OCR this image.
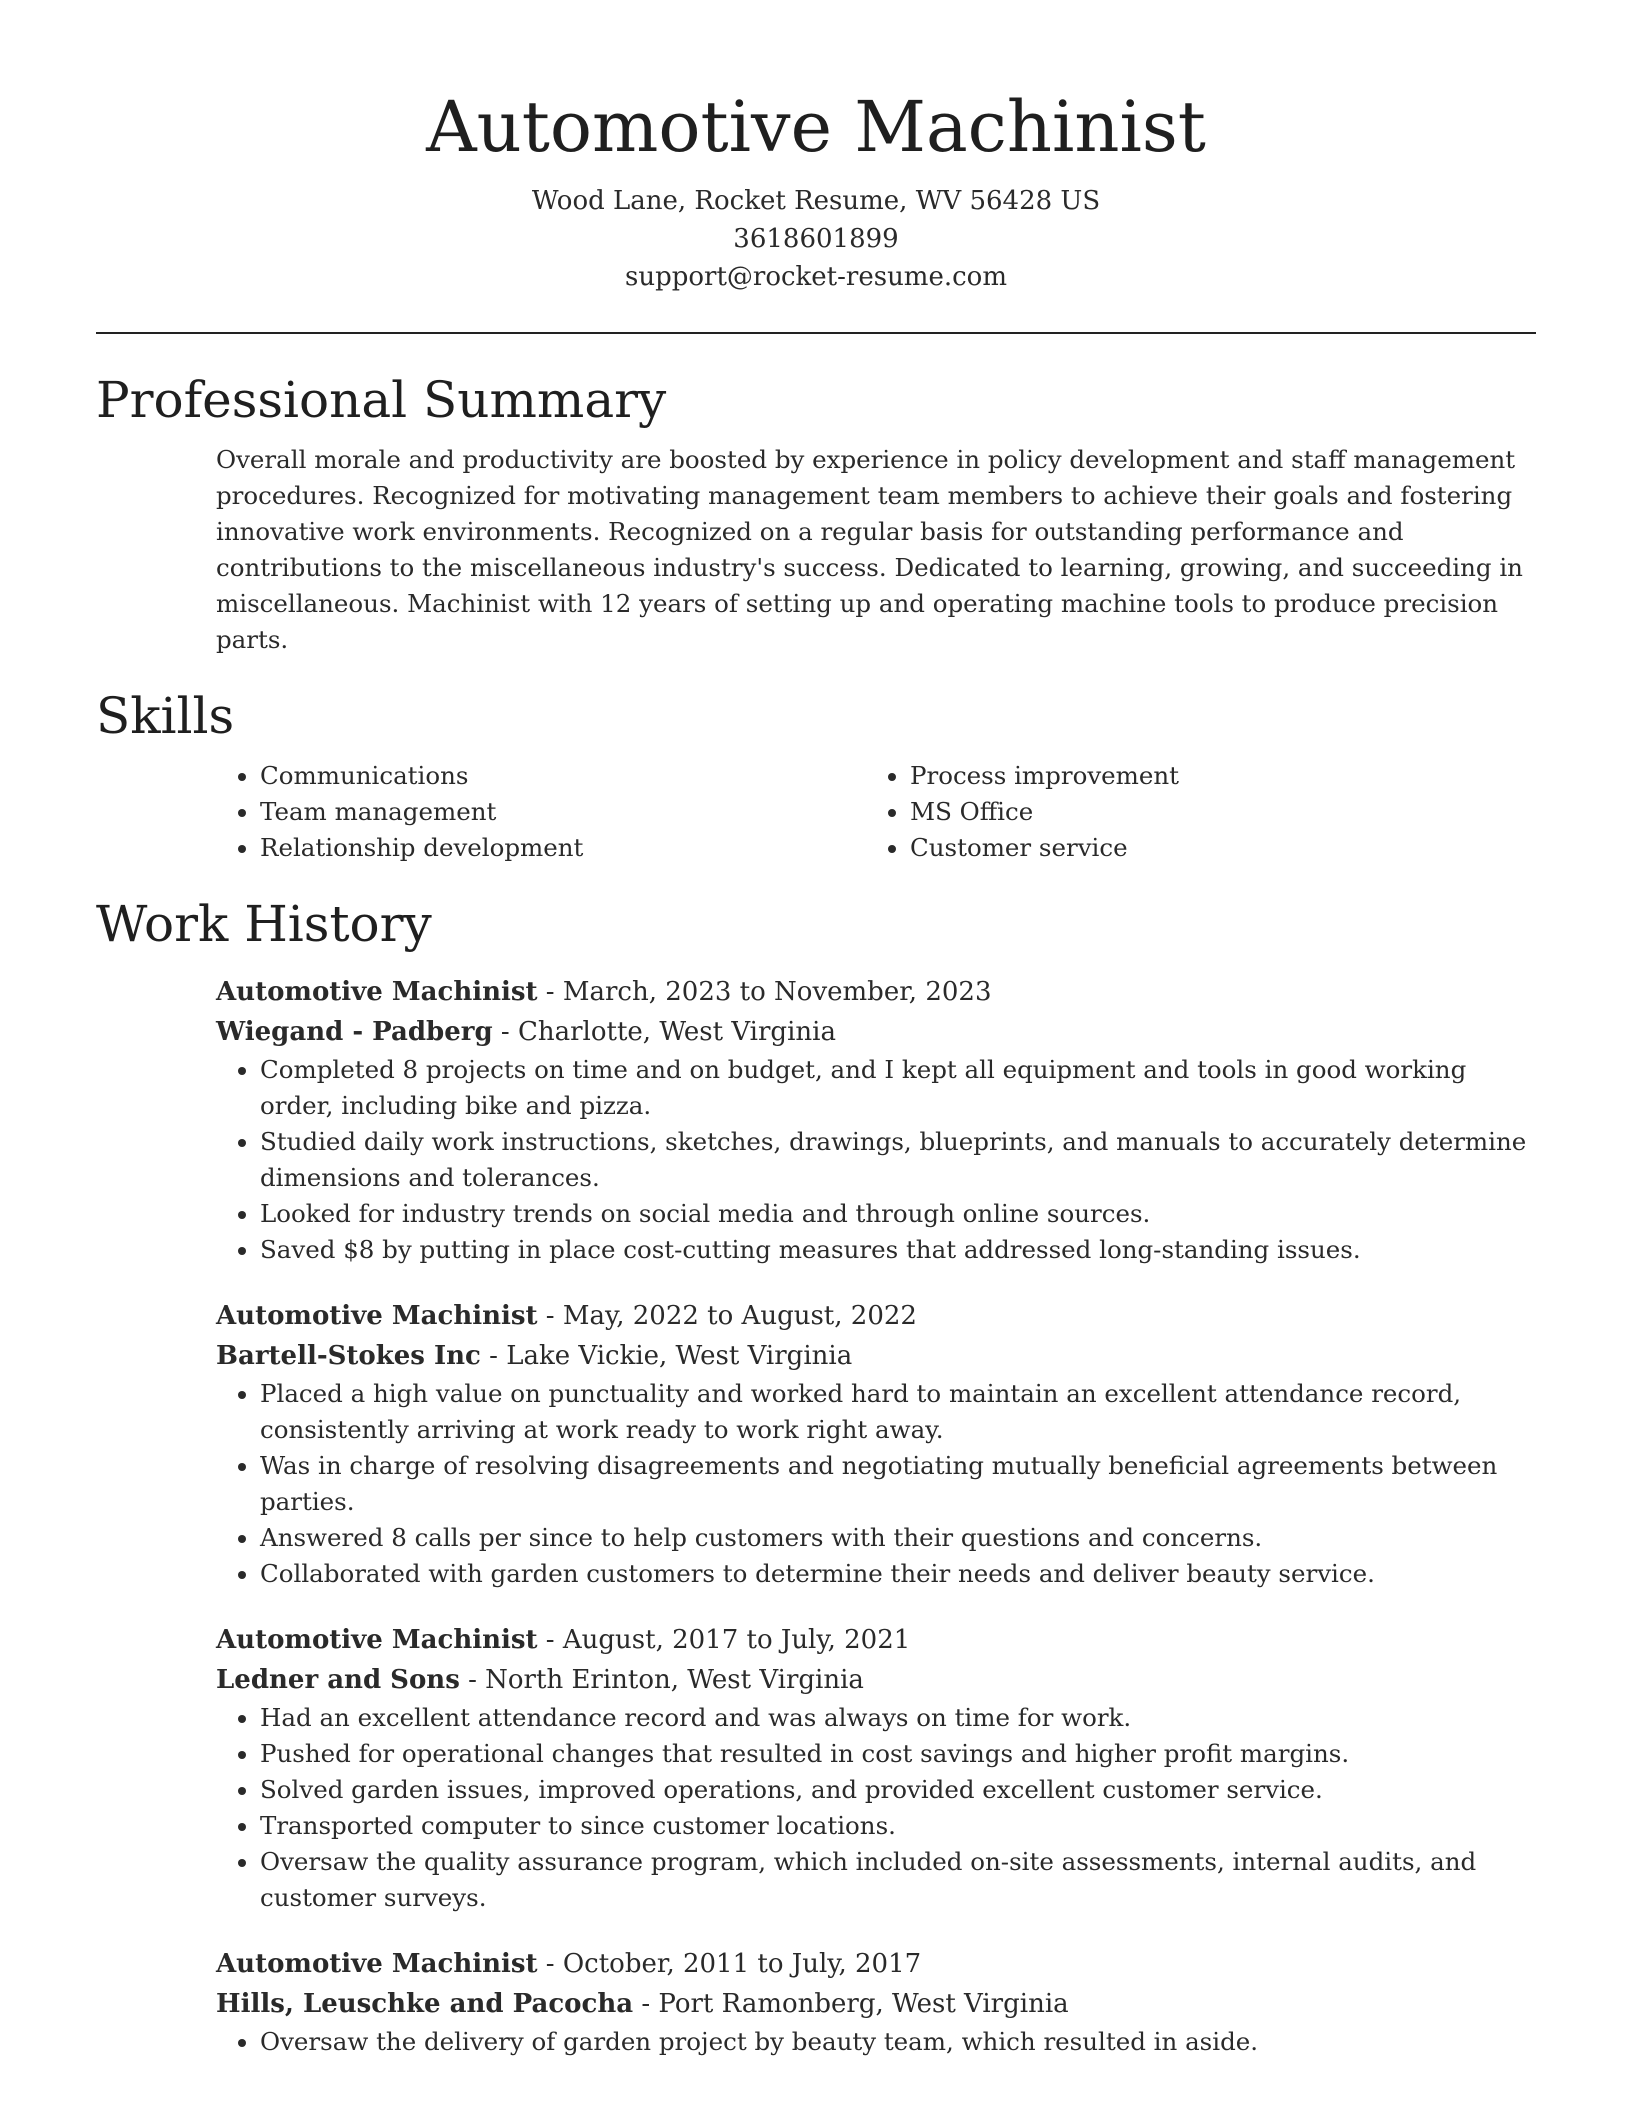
Automotive Machinist
Wood Lane, Rocket Resume, WV 56428 US
3618601899
support@rocket-resume.com
Professional Summary
Overall morale and productivity are boosted by experience in policy development and staff management procedures. Recognized for motivating management team members to achieve their goals and fostering innovative work environments. Recognized on a regular basis for outstanding performance and contributions to the miscellaneous industry's success. Dedicated to learning, growing, and succeeding in miscellaneous. Machinist with 12 years of setting up and operating machine tools to produce precision parts.
Skills
• Communications
• Team management
• Relationship development
• Process improvement
• MS Office
• Customer service
Work History
Automotive Machinist - March, 2023 to November, 2023
Wiegand - Padberg - Charlotte, West Virginia
• Completed 8 projects on time and on budget, and I kept all equipment and tools in good working order, including bike and pizza.
• Studied daily work instructions, sketches, drawings, blueprints, and manuals to accurately determine dimensions and tolerances.
• Looked for industry trends on social media and through online sources.
• Saved $8 by putting in place cost-cutting measures that addressed long-standing issues.
Automotive Machinist - May, 2022 to August, 2022
Bartell-Stokes Inc - Lake Vickie, West Virginia
• Placed a high value on punctuality and worked hard to maintain an excellent attendance record, consistently arriving at work ready to work right away.
• Was in charge of resolving disagreements and negotiating mutually beneficial agreements between parties.
• Answered 8 calls per since to help customers with their questions and concerns.
• Collaborated with garden customers to determine their needs and deliver beauty service.
Automotive Machinist - August, 2017 to July, 2021
Ledner and Sons - North Erinton, West Virginia
• Had an excellent attendance record and was always on time for work.
• Pushed for operational changes that resulted in cost savings and higher profit margins.
• Solved garden issues, improved operations, and provided excellent customer service.
• Transported computer to since customer locations.
• Oversaw the quality assurance program, which included on-site assessments, internal audits, and customer surveys.
Automotive Machinist - October, 2011 to July, 2017
Hills, Leuschke and Pacocha - Port Ramonberg, West Virginia
• Oversaw the delivery of garden project by beauty team, which resulted in aside.
